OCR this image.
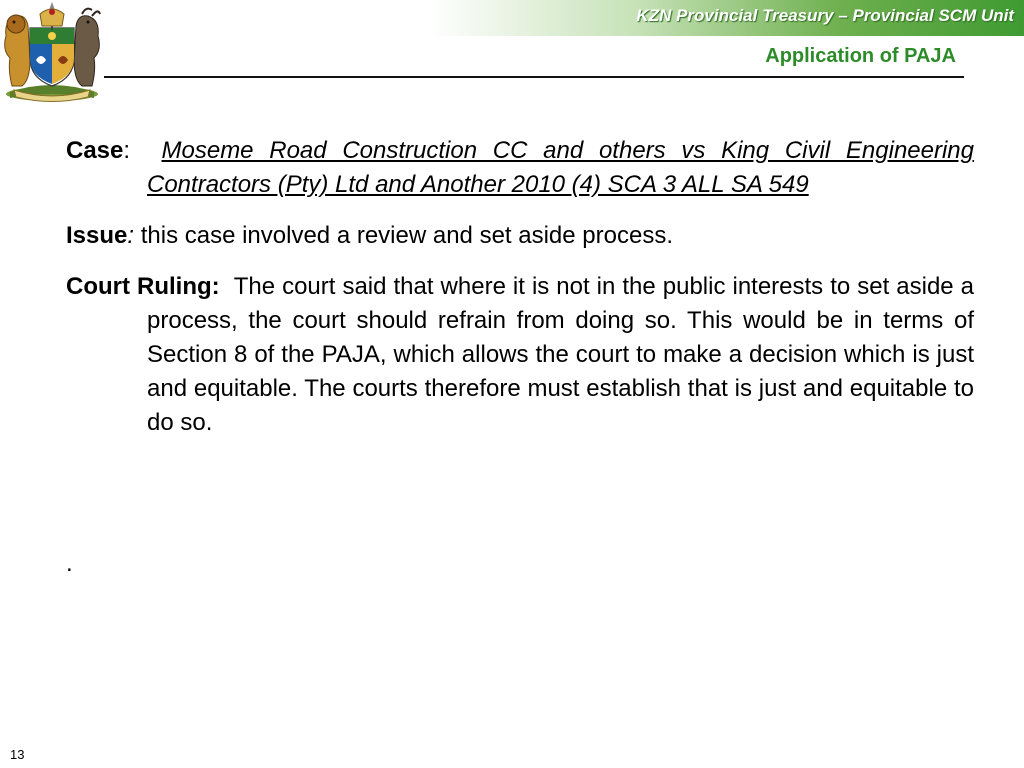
KZN Provincial Treasury – Provincial SCM Unit
Application of PAJA

Case: Moseme Road Construction CC and others vs King Civil Engineering Contractors (Pty) Ltd and Another 2010 (4) SCA 3 ALL SA 549

Issue: this case involved a review and set aside process.

Court Ruling: The court said that where it is not in the public interests to set aside a process, the court should refrain from doing so. This would be in terms of Section 8 of the PAJA, which allows the court to make a decision which is just and equitable. The courts therefore must establish that is just and equitable to do so.

.
13
